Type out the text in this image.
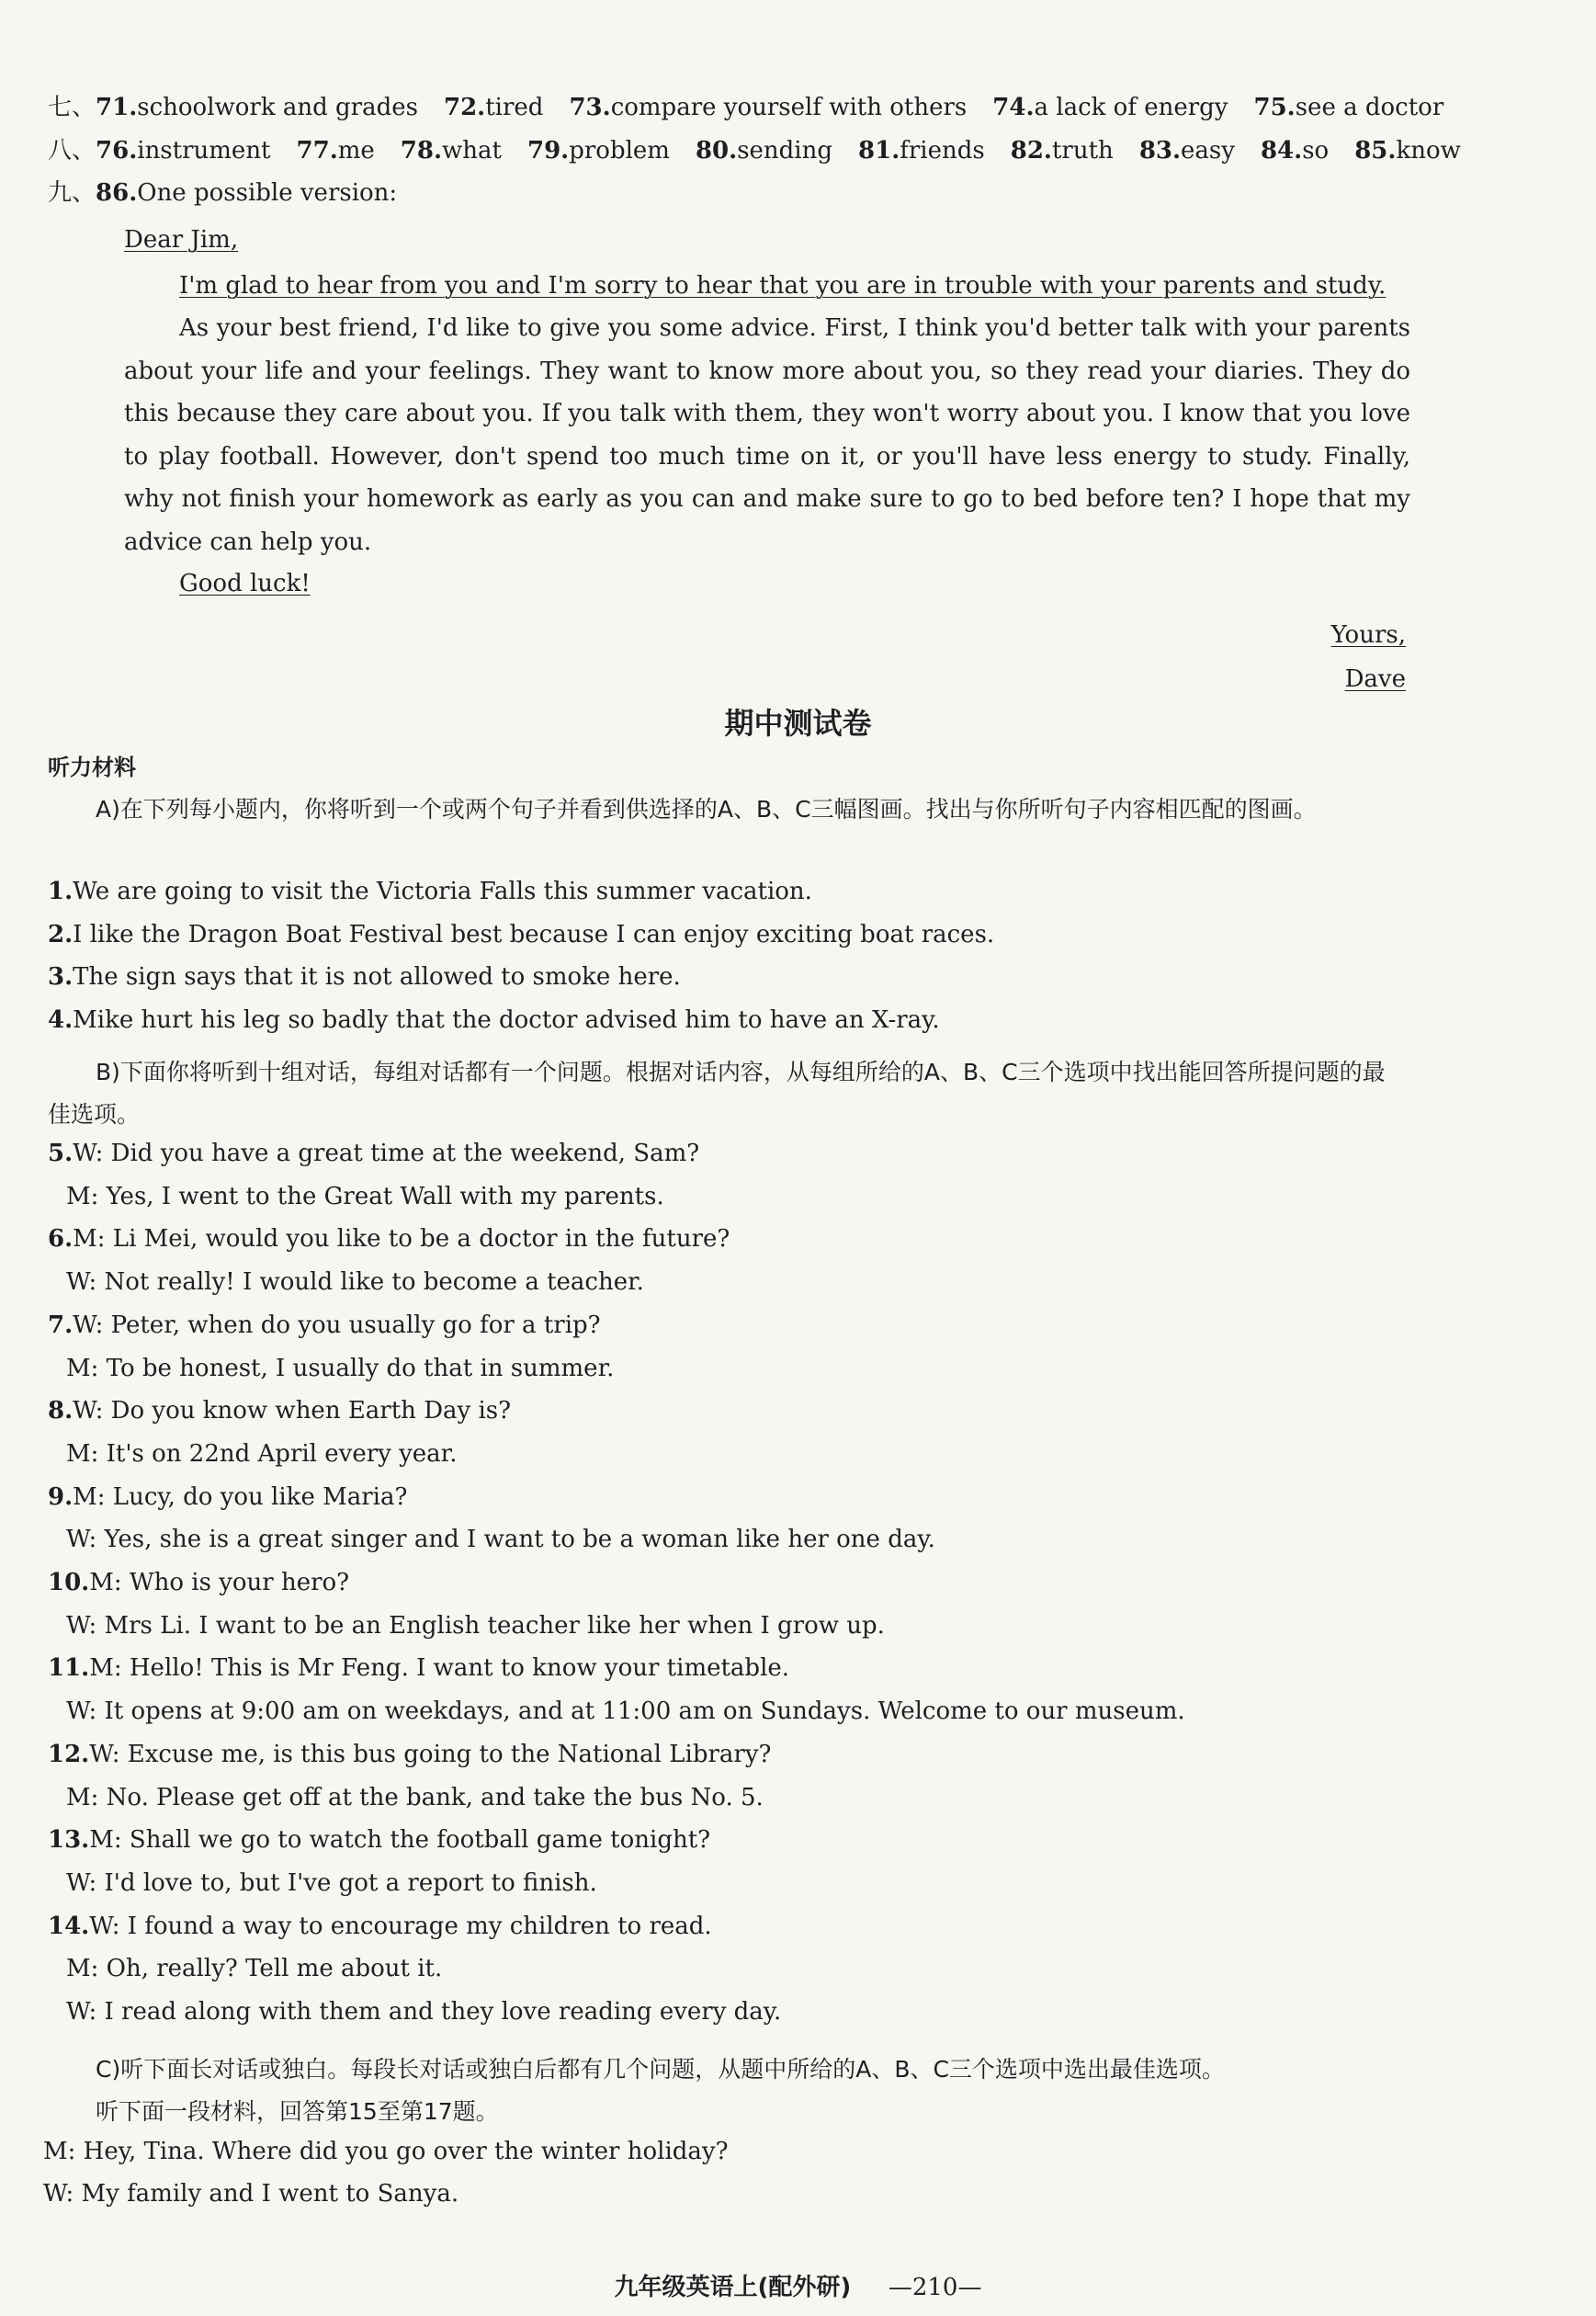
七、71.schoolwork and grades 72.tired 73.compare yourself with others 74.a lack of energy 75.see a doctor
八、76.instrument 77.me 78.what 79.problem 80.sending 81.friends 82.truth 83.easy 84.so 85.know
九、86.One possible version:
Dear Jim,
I'm glad to hear from you and I'm sorry to hear that you are in trouble with your parents and study.
As your best friend, I'd like to give you some advice. First, I think you'd better talk with your parents about your life and your feelings. They want to know more about you, so they read your diaries. They do this because they care about you. If you talk with them, they won't worry about you. I know that you love to play football. However, don't spend too much time on it, or you'll have less energy to study. Finally, why not finish your homework as early as you can and make sure to go to bed before ten? I hope that my advice can help you.
Good luck!
Yours,
Dave
期中测试卷
听力材料
A)在下列每小题内，你将听到一个或两个句子并看到供选择的A、B、C三幅图画。找出与你所听句子内容相匹配的图画。
1.We are going to visit the Victoria Falls this summer vacation.
2.I like the Dragon Boat Festival best because I can enjoy exciting boat races.
3.The sign says that it is not allowed to smoke here.
4.Mike hurt his leg so badly that the doctor advised him to have an X-ray.
B)下面你将听到十组对话，每组对话都有一个问题。根据对话内容，从每组所给的A、B、C三个选项中找出能回答所提问题的最佳选项。
5.W: Did you have a great time at the weekend, Sam?
M: Yes, I went to the Great Wall with my parents.
6.M: Li Mei, would you like to be a doctor in the future?
W: Not really! I would like to become a teacher.
7.W: Peter, when do you usually go for a trip?
M: To be honest, I usually do that in summer.
8.W: Do you know when Earth Day is?
M: It's on 22nd April every year.
9.M: Lucy, do you like Maria?
W: Yes, she is a great singer and I want to be a woman like her one day.
10.M: Who is your hero?
W: Mrs Li. I want to be an English teacher like her when I grow up.
11.M: Hello! This is Mr Feng. I want to know your timetable.
W: It opens at 9:00 am on weekdays, and at 11:00 am on Sundays. Welcome to our museum.
12.W: Excuse me, is this bus going to the National Library?
M: No. Please get off at the bank, and take the bus No. 5.
13.M: Shall we go to watch the football game tonight?
W: I'd love to, but I've got a report to finish.
14.W: I found a way to encourage my children to read.
M: Oh, really? Tell me about it.
W: I read along with them and they love reading every day.
C)听下面长对话或独白。每段长对话或独白后都有几个问题，从题中所给的A、B、C三个选项中选出最佳选项。
听下面一段材料，回答第15至第17题。
M: Hey, Tina. Where did you go over the winter holiday?
W: My family and I went to Sanya.
九年级英语上(配外研) —210—
